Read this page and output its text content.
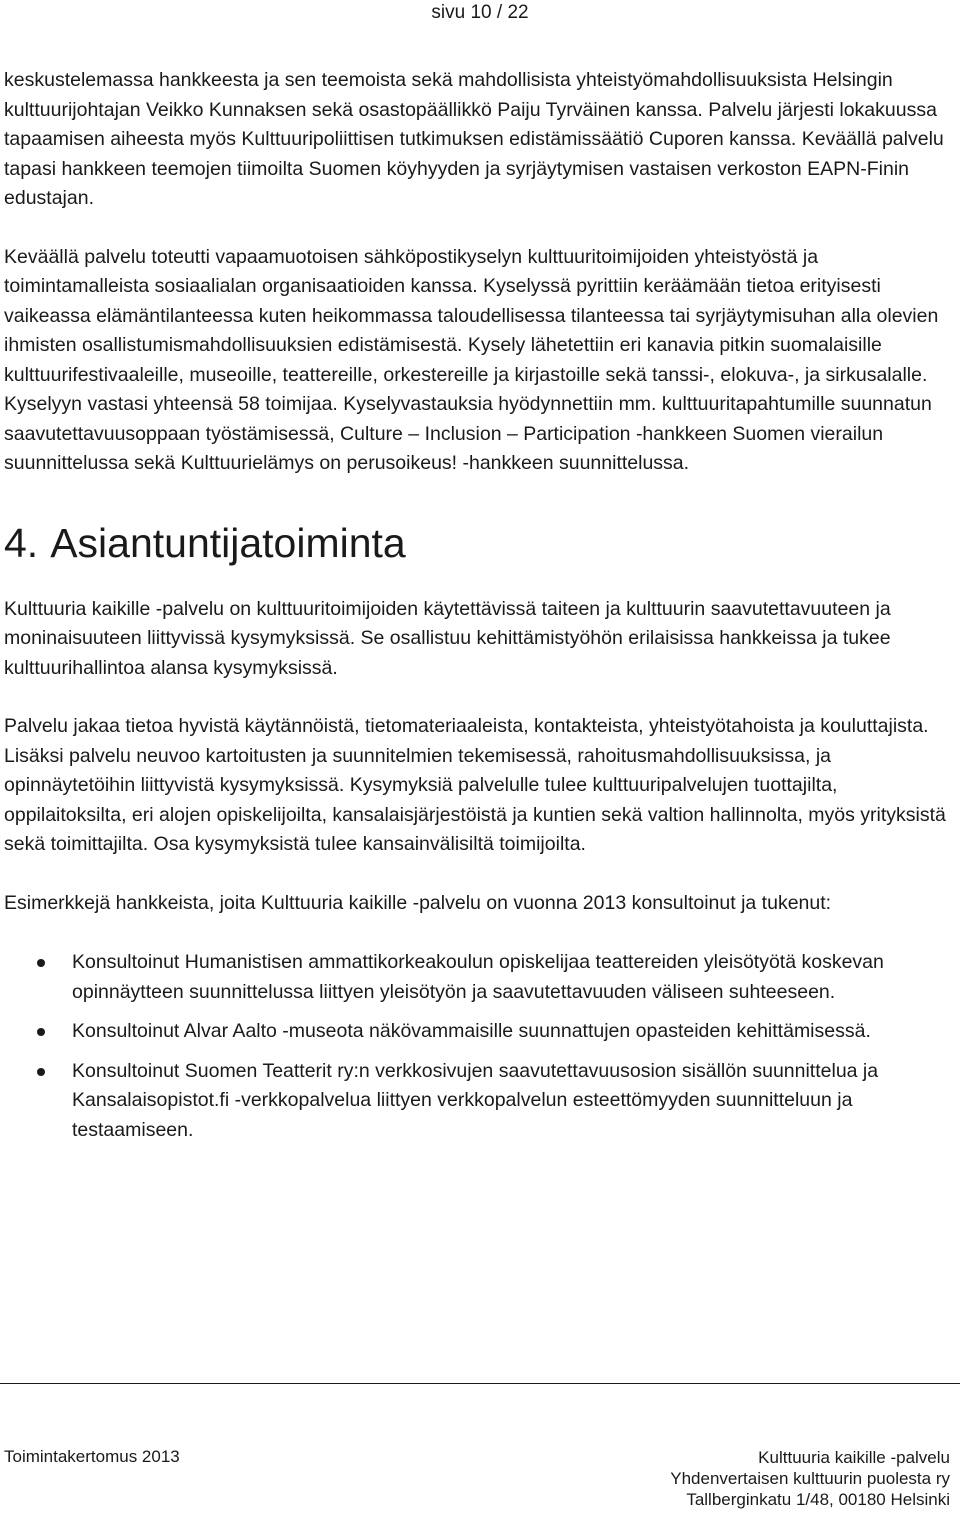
sivu 10 / 22

keskustelemassa hankkeesta ja sen teemoista sekä mahdollisista yhteistyömahdollisuuksista Helsingin kulttuurijohtajan Veikko Kunnaksen sekä osastopäällikkö Paiju Tyrväinen kanssa. Palvelu järjesti lokakuussa tapaamisen aiheesta myös Kulttuuripoliittisen tutkimuksen edistämissäätiö Cuporen kanssa. Keväällä palvelu tapasi hankkeen teemojen tiimoilta Suomen köyhyyden ja syrjäytymisen vastaisen verkoston EAPN-Finin edustajan.

Keväällä palvelu toteutti vapaamuotoisen sähköpostikyselyn kulttuuritoimijoiden yhteistyöstä ja toimintamalleista sosiaalialan organisaatioiden kanssa. Kyselyssä pyrittiin keräämään tietoa erityisesti vaikeassa elämäntilanteessa kuten heikommassa taloudellisessa tilanteessa tai syrjäytymisuhan alla olevien ihmisten osallistumismahdollisuuksien edistämisestä. Kysely lähetettiin eri kanavia pitkin suomalaisille kulttuurifestivaaleille, museoille, teattereille, orkestereille ja kirjastoille sekä tanssi-, elokuva-, ja sirkusalalle. Kyselyyn vastasi yhteensä 58 toimijaa. Kyselyvastauksia hyödynnettiin mm. kulttuuritapahtumille suunnatun saavutettavuusoppaan työstämisessä, Culture – Inclusion – Participation -hankkeen Suomen vierailun suunnittelussa sekä Kulttuurielämys on perusoikeus! -hankkeen suunnittelussa.

4. Asiantuntijatoiminta

Kulttuuria kaikille -palvelu on kulttuuritoimijoiden käytettävissä taiteen ja kulttuurin saavutettavuuteen ja moninaisuuteen liittyvissä kysymyksissä. Se osallistuu kehittämistyöhön erilaisissa hankkeissa ja tukee kulttuurihallintoa alansa kysymyksissä.

Palvelu jakaa tietoa hyvistä käytännöistä, tietomateriaaleista, kontakteista, yhteistyötahoista ja kouluttajista. Lisäksi palvelu neuvoo kartoitusten ja suunnitelmien tekemisessä, rahoitusmahdollisuuksissa, ja opinnäytetöihin liittyvistä kysymyksissä. Kysymyksiä palvelulle tulee kulttuuripalvelujen tuottajilta, oppilaitoksilta, eri alojen opiskelijoilta, kansalaisjärjestöistä ja kuntien sekä valtion hallinnolta, myös yrityksistä sekä toimittajilta. Osa kysymyksistä tulee kansainvälisiltä toimijoilta.

Esimerkkejä hankkeista, joita Kulttuuria kaikille -palvelu on vuonna 2013 konsultoinut ja tukenut:

Konsultoinut Humanistisen ammattikorkeakoulun opiskelijaa teattereiden yleisötyötä koskevan opinnäytteen suunnittelussa liittyen yleisötyön ja saavutettavuuden väliseen suhteeseen.
Konsultoinut Alvar Aalto -museota näkövammaisille suunnattujen opasteiden kehittämisessä.
Konsultoinut Suomen Teatterit ry:n verkkosivujen saavutettavuusosion sisällön suunnittelua ja Kansalaisopistot.fi -verkkopalvelua liittyen verkkopalvelun esteettömyyden suunnitteluun ja testaamiseen.
Toimintakertomus 2013	Kulttuuria kaikille -palvelu
Yhdenvertaisen kulttuurin puolesta ry
Tallberginkatu 1/48, 00180 Helsinki
